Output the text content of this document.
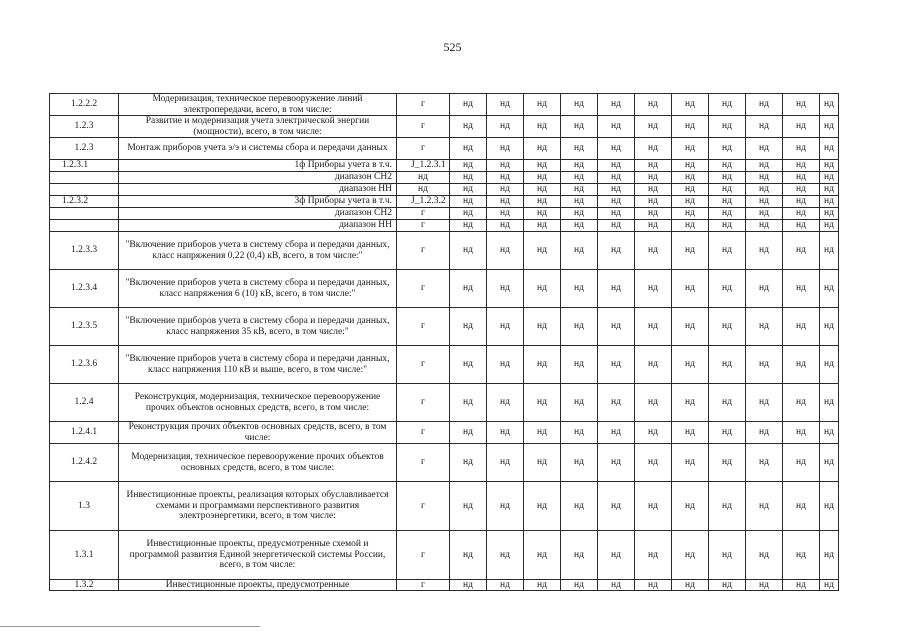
525
1.2.2.2	Модернизация, техническое перевооружение линий электропередачи, всего, в том числе:	г	нд	нд	нд	нд	нд	нд	нд	нд	нд	нд	нд
1.2.3	Развитие и модернизация учета электрической энергии (мощности), всего, в том числе:	г	нд	нд	нд	нд	нд	нд	нд	нд	нд	нд	нд
1.2.3	Монтаж приборов учета э/э и системы сбора и передачи данных	г	нд	нд	нд	нд	нд	нд	нд	нд	нд	нд	нд
1.2.3.1	1ф Приборы учета в т.ч.	J_1.2.3.1	нд	нд	нд	нд	нд	нд	нд	нд	нд	нд	нд
	диапазон СН2	нд	нд	нд	нд	нд	нд	нд	нд	нд	нд	нд	нд
	диапазон НН	нд	нд	нд	нд	нд	нд	нд	нд	нд	нд	нд	нд
1.2.3.2	3ф Приборы учета в т.ч.	J_1.2.3.2	нд	нд	нд	нд	нд	нд	нд	нд	нд	нд	нд
	диапазон СН2	г	нд	нд	нд	нд	нд	нд	нд	нд	нд	нд	нд
	диапазон НН	г	нд	нд	нд	нд	нд	нд	нд	нд	нд	нд	нд
1.2.3.3	"Включение приборов учета в систему сбора и передачи данных, класс напряжения 0,22 (0,4) кВ, всего, в том числе:"	г	нд	нд	нд	нд	нд	нд	нд	нд	нд	нд	нд
1.2.3.4	"Включение приборов учета в систему сбора и передачи данных, класс напряжения 6 (10) кВ, всего, в том числе:"	г	нд	нд	нд	нд	нд	нд	нд	нд	нд	нд	нд
1.2.3.5	"Включение приборов учета в систему сбора и передачи данных, класс напряжения 35 кВ, всего, в том числе:"	г	нд	нд	нд	нд	нд	нд	нд	нд	нд	нд	нд
1.2.3.6	"Включение приборов учета в систему сбора и передачи данных, класс напряжения 110 кВ и выше, всего, в том числе:"	г	нд	нд	нд	нд	нд	нд	нд	нд	нд	нд	нд
1.2.4	Реконструкция, модернизация, техническое перевооружение прочих объектов основных средств, всего, в том числе:	г	нд	нд	нд	нд	нд	нд	нд	нд	нд	нд	нд
1.2.4.1	Реконструкция прочих объектов основных средств, всего, в том числе:	г	нд	нд	нд	нд	нд	нд	нд	нд	нд	нд	нд
1.2.4.2	Модернизация, техническое перевооружение прочих объектов основных средств, всего, в том числе:	г	нд	нд	нд	нд	нд	нд	нд	нд	нд	нд	нд
1.3	Инвестиционные проекты, реализация которых обуславливается схемами и программами перспективного развития электроэнергетики, всего, в том числе:	г	нд	нд	нд	нд	нд	нд	нд	нд	нд	нд	нд
1.3.1	Инвестиционные проекты, предусмотренные схемой и программой развития Единой энергетической системы России, всего, в том числе:	г	нд	нд	нд	нд	нд	нд	нд	нд	нд	нд	нд
1.3.2	Инвестиционные проекты, предусмотренные	г	нд	нд	нд	нд	нд	нд	нд	нд	нд	нд	нд
